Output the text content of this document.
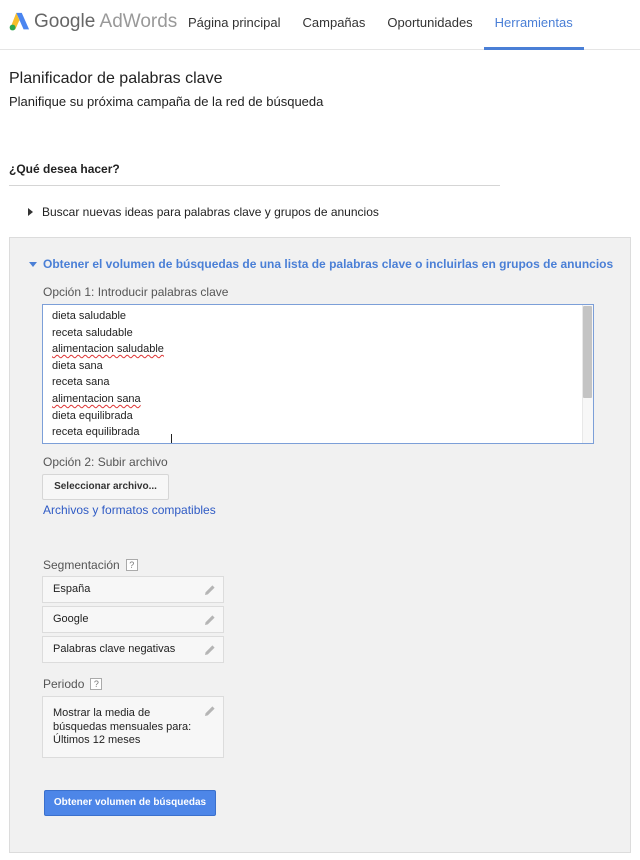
Google AdWords Página principal	Campañas	Oportunidades	Herramientas
Planificador de palabras clave
Planifique su próxima campaña de la red de búsqueda
¿Qué desea hacer?
Buscar nuevas ideas para palabras clave y grupos de anuncios
Obtener el volumen de búsquedas de una lista de palabras clave o incluirlas en grupos de anuncios
Opción 1: Introducir palabras clave
dieta saludable
receta saludable
alimentacion saludable
dieta sana
receta sana
alimentacion sana
dieta equilibrada
receta equilibrada
Opción 2: Subir archivo
Seleccionar archivo...
Archivos y formatos compatibles
Segmentación	?
España
Google
Palabras clave negativas
Periodo	?
Mostrar la media de
búsquedas mensuales para:
Últimos 12 meses
Obtener volumen de búsquedas
